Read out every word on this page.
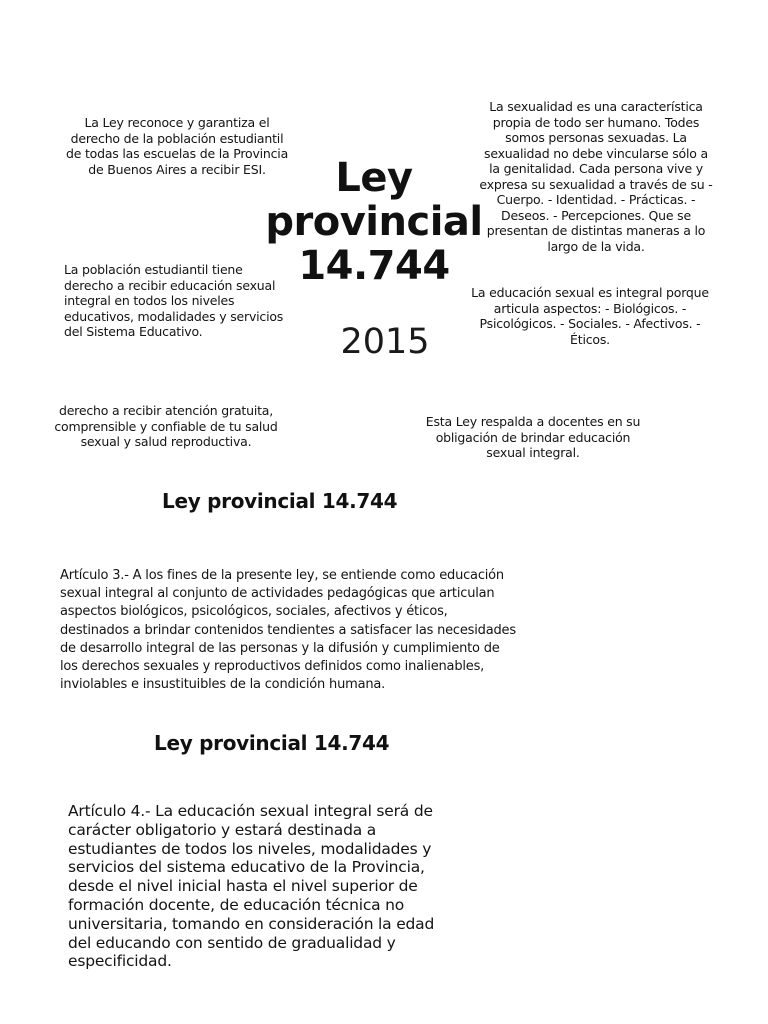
Ley provincial 14.744
2015

La Ley reconoce y garantiza el derecho de la población estudiantil de todas las escuelas de la Provincia de Buenos Aires a recibir ESI.

La sexualidad es una característica propia de todo ser humano. Todes somos personas sexuadas. La sexualidad no debe vincularse sólo a la genitalidad. Cada persona vive y expresa su sexualidad a través de su - Cuerpo. - Identidad. - Prácticas. - Deseos. - Percepciones. Que se presentan de distintas maneras a lo largo de la vida.

La población estudiantil tiene derecho a recibir educación sexual integral en todos los niveles educativos, modalidades y servicios del Sistema Educativo.

La educación sexual es integral porque articula aspectos: - Biológicos. - Psicológicos. - Sociales. - Afectivos. - Éticos.

derecho a recibir atención gratuita, comprensible y confiable de tu salud sexual y salud reproductiva.

Esta Ley respalda a docentes en su obligación de brindar educación sexual integral.

Ley provincial 14.744

Artículo 3.- A los fines de la presente ley, se entiende como educación sexual integral al conjunto de actividades pedagógicas que articulan aspectos biológicos, psicológicos, sociales, afectivos y éticos, destinados a brindar contenidos tendientes a satisfacer las necesidades de desarrollo integral de las personas y la difusión y cumplimiento de los derechos sexuales y reproductivos definidos como inalienables, inviolables e insustituibles de la condición humana.

Ley provincial 14.744

Artículo 4.- La educación sexual integral será de carácter obligatorio y estará destinada a estudiantes de todos los niveles, modalidades y servicios del sistema educativo de la Provincia, desde el nivel inicial hasta el nivel superior de formación docente, de educación técnica no universitaria, tomando en consideración la edad del educando con sentido de gradualidad y especificidad.
